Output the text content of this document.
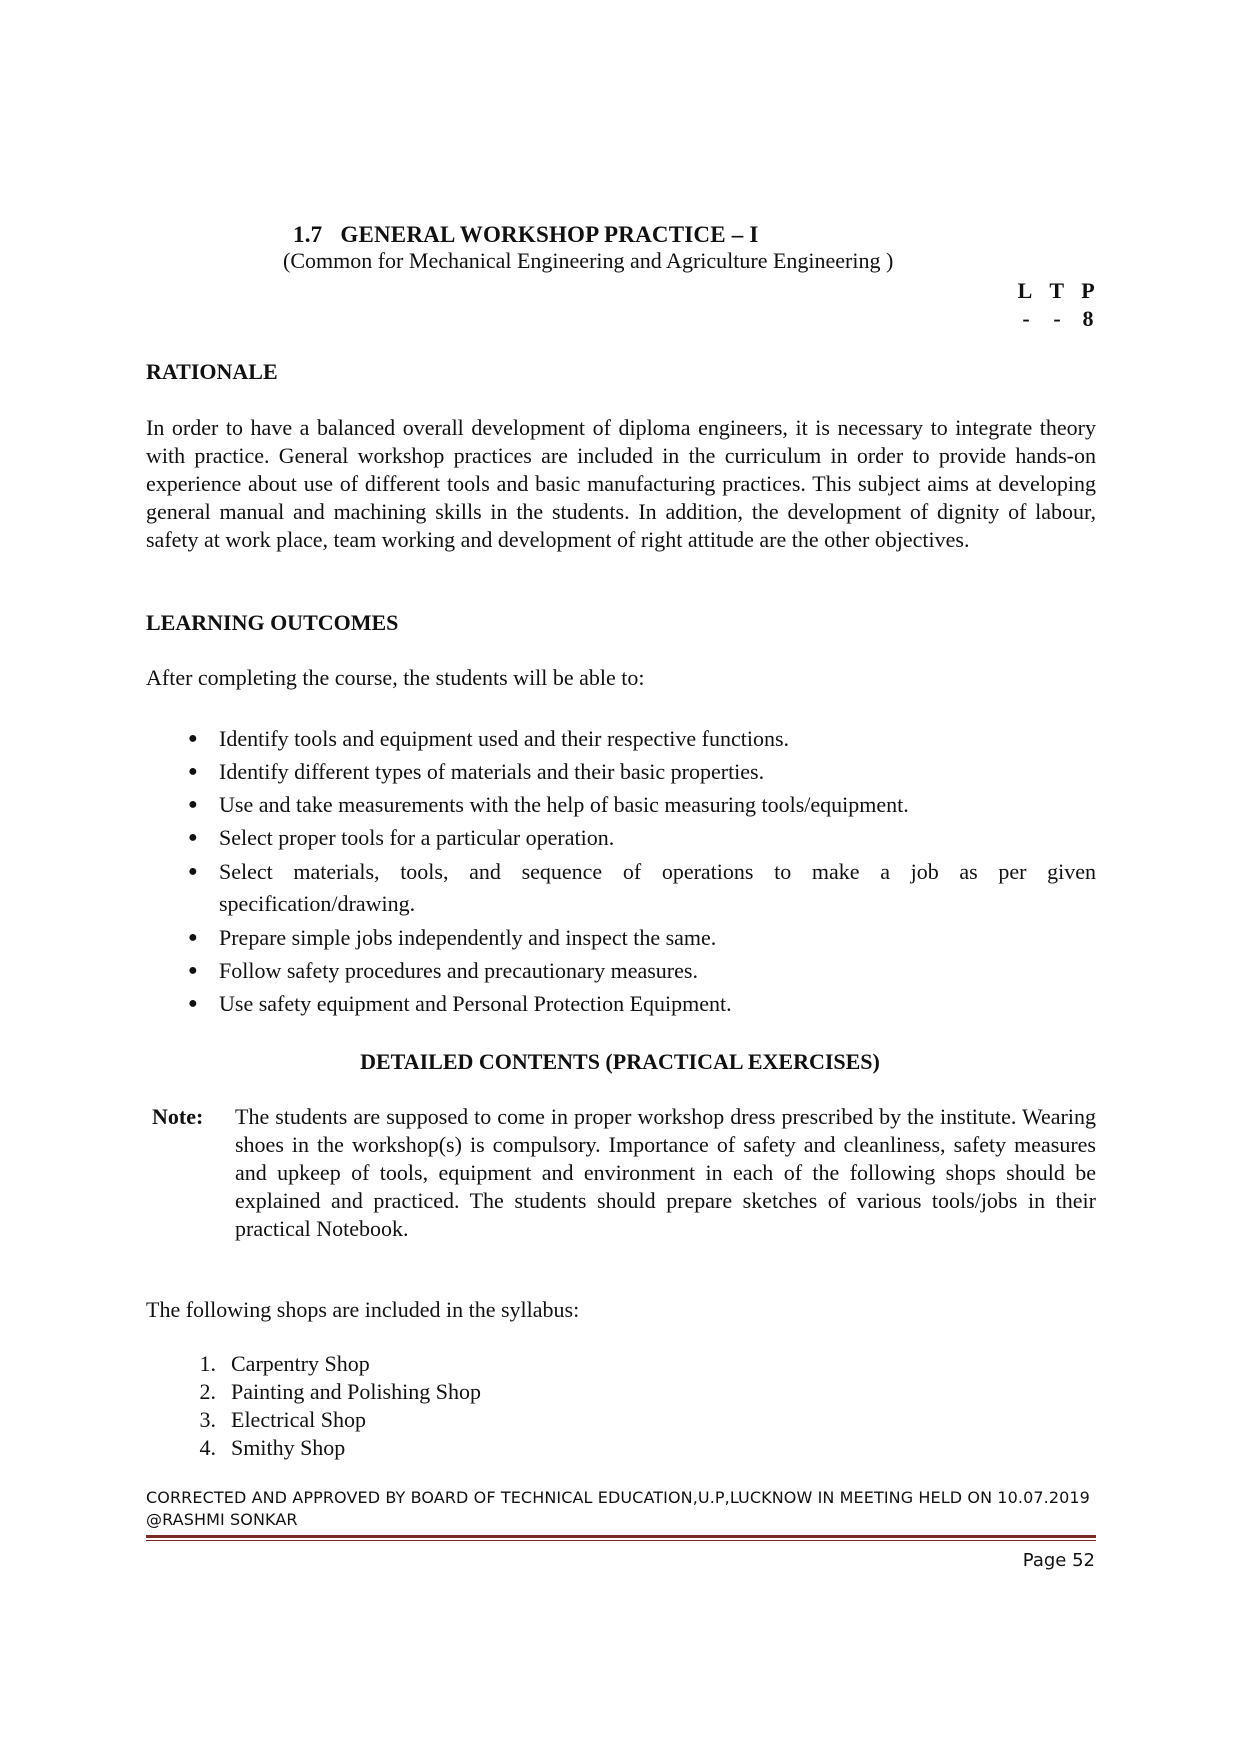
1.7 GENERAL WORKSHOP PRACTICE – I
(Common for Mechanical Engineering and Agriculture Engineering )
L T P
- - 8
RATIONALE
In order to have a balanced overall development of diploma engineers, it is necessary to integrate theory with practice. General workshop practices are included in the curriculum in order to provide hands-on experience about use of different tools and basic manufacturing practices. This subject aims at developing general manual and machining skills in the students. In addition, the development of dignity of labour, safety at work place, team working and development of right attitude are the other objectives.
LEARNING OUTCOMES
After completing the course, the students will be able to:
● Identify tools and equipment used and their respective functions.
● Identify different types of materials and their basic properties.
● Use and take measurements with the help of basic measuring tools/equipment.
● Select proper tools for a particular operation.
● Select materials, tools, and sequence of operations to make a job as per given specification/drawing.
● Prepare simple jobs independently and inspect the same.
● Follow safety procedures and precautionary measures.
● Use safety equipment and Personal Protection Equipment.
DETAILED CONTENTS (PRACTICAL EXERCISES)
Note: The students are supposed to come in proper workshop dress prescribed by the institute. Wearing shoes in the workshop(s) is compulsory. Importance of safety and cleanliness, safety measures and upkeep of tools, equipment and environment in each of the following shops should be explained and practiced. The students should prepare sketches of various tools/jobs in their practical Notebook.
The following shops are included in the syllabus:
1. Carpentry Shop
2. Painting and Polishing Shop
3. Electrical Shop
4. Smithy Shop
CORRECTED AND APPROVED BY BOARD OF TECHNICAL EDUCATION,U.P,LUCKNOW IN MEETING HELD ON 10.07.2019 @RASHMI SONKAR
Page 52
